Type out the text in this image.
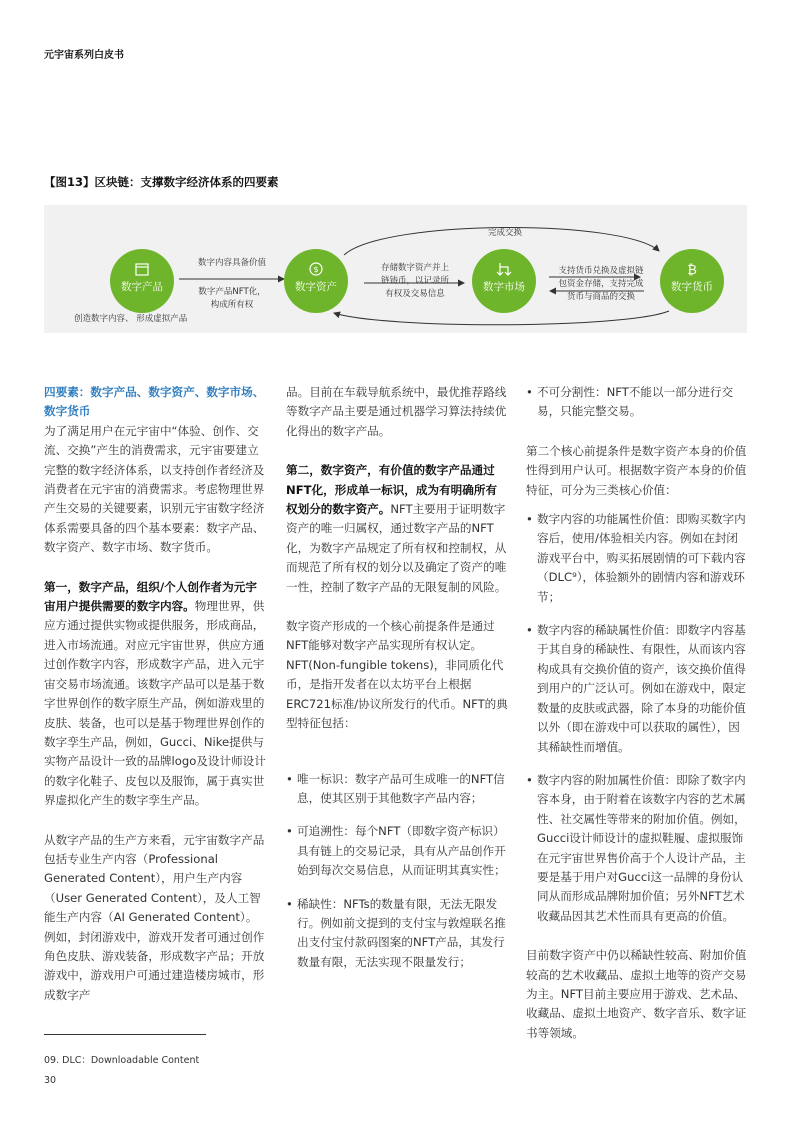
元宇宙系列白皮书
【图13】区块链：支撑数字经济体系的四要素
数字产品
$
数字资产	数字市场
₿
数字货币
完成交换
数字内容具备价值
数字产品NFT化，
构成所有权
存储数字资产并上
链铸币，以记录所
有权及交易信息
支持货币兑换及虚拟链
包资金存储，支持完成
货币与商品的交换
创造数字内容、 形成虚拟产品

四要素：数字产品、数字资产、数字市场、数字货币

为了满足用户在元宇宙中“体验、创作、交流、交换”产生的消费需求，元宇宙要建立完整的数字经济体系，以支持创作者经济及消费者在元宇宙的消费需求。考虑物理世界产生交易的关键要素，识别元宇宙数字经济体系需要具备的四个基本要素：数字产品、数字资产、数字市场、数字货币。

第一，数字产品，组织/个人创作者为元宇宙用户提供需要的数字内容。物理世界，供应方通过提供实物或提供服务，形成商品，进入市场流通。对应元宇宙世界，供应方通过创作数字内容，形成数字产品，进入元宇宙交易市场流通。该数字产品可以是基于数字世界创作的数字原生产品，例如游戏里的皮肤、装备，也可以是基于物理世界创作的数字孪生产品，例如，Gucci、Nike提供与实物产品设计一致的品牌logo及设计师设计的数字化鞋子、皮包以及服饰，属于真实世界虚拟化产生的数字孪生产品。

从数字产品的生产方来看，元宇宙数字产品包括专业生产内容（Professional Generated Content），用户生产内容（User Generated Content），及人工智能生产内容（AI Generated Content）。例如，封闭游戏中，游戏开发者可通过创作角色皮肤、游戏装备，形成数字产品；开放游戏中，游戏用户可通过建造楼房城市，形成数字产

品。目前在车载导航系统中，最优推荐路线等数字产品主要是通过机器学习算法持续优化得出的数字产品。

第二，数字资产，有价值的数字产品通过NFT化，形成单一标识，成为有明确所有权划分的数字资产。NFT主要用于证明数字资产的唯一归属权，通过数字产品的NFT化，为数字产品规定了所有权和控制权，从而规范了所有权的划分以及确定了资产的唯一性，控制了数字产品的无限复制的风险。

数字资产形成的一个核心前提条件是通过NFT能够对数字产品实现所有权认定。NFT(Non-fungible tokens)，非同质化代币，是指开发者在以太坊平台上根据ERC721标准/协议所发行的代币。NFT的典型特征包括：

• 唯一标识：数字产品可生成唯一的NFT信息，使其区别于其他数字产品内容；
• 可追溯性：每个NFT（即数字资产标识）具有链上的交易记录，具有从产品创作开始到每次交易信息，从而证明其真实性；
• 稀缺性：NFTs的数量有限，无法无限发行。例如前文提到的支付宝与敦煌联名推出支付宝付款码图案的NFT产品，其发行数量有限，无法实现不限量发行；
• 不可分割性：NFT不能以一部分进行交易，只能完整交易。

第二个核心前提条件是数字资产本身的价值性得到用户认可。根据数字资产本身的价值特征，可分为三类核心价值：

• 数字内容的功能属性价值：即购买数字内容后，使用/体验相关内容。例如在封闭游戏平台中，购买拓展剧情的可下载内容（DLC⁹），体验额外的剧情内容和游戏环节；
• 数字内容的稀缺属性价值：即数字内容基于其自身的稀缺性、有限性，从而该内容构成具有交换价值的资产，该交换价值得到用户的广泛认可。例如在游戏中，限定数量的皮肤或武器，除了本身的功能价值以外（即在游戏中可以获取的属性），因其稀缺性而增值。
• 数字内容的附加属性价值：即除了数字内容本身，由于附着在该数字内容的艺术属性、社交属性等带来的附加价值。例如，Gucci设计师设计的虚拟鞋履、虚拟服饰在元宇宙世界售价高于个人设计产品，主要是基于用户对Gucci这一品牌的身份认同从而形成品牌附加价值；另外NFT艺术收藏品因其艺术性而具有更高的价值。

目前数字资产中仍以稀缺性较高、附加价值较高的艺术收藏品、虚拟土地等的资产交易为主。NFT目前主要应用于游戏、艺术品、收藏品、虚拟土地资产、数字音乐、数字证书等领域。

09. DLC：Downloadable Content
30
